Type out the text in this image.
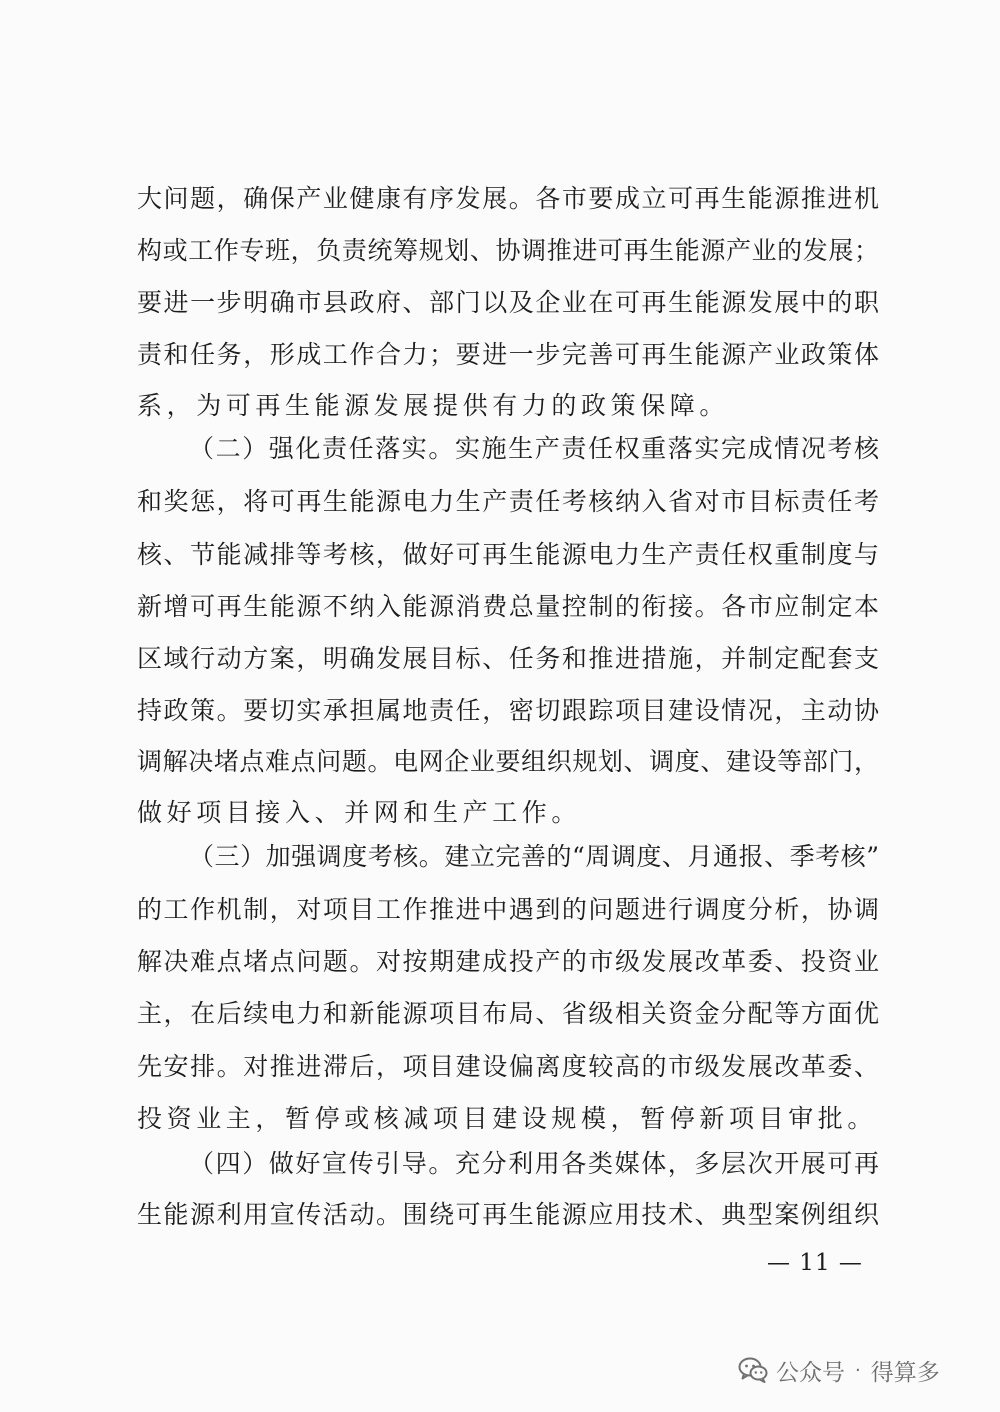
大问题，确保产业健康有序发展。各市要成立可再生能源推进机
构或工作专班，负责统筹规划、协调推进可再生能源产业的发展；
要进一步明确市县政府、部门以及企业在可再生能源发展中的职
责和任务，形成工作合力；要进一步完善可再生能源产业政策体
系，为可再生能源发展提供有力的政策保障。
（二）强化责任落实。实施生产责任权重落实完成情况考核
和奖惩，将可再生能源电力生产责任考核纳入省对市目标责任考
核、节能减排等考核，做好可再生能源电力生产责任权重制度与
新增可再生能源不纳入能源消费总量控制的衔接。各市应制定本
区域行动方案，明确发展目标、任务和推进措施，并制定配套支
持政策。要切实承担属地责任，密切跟踪项目建设情况，主动协
调解决堵点难点问题。电网企业要组织规划、调度、建设等部门，
做好项目接入、并网和生产工作。
（三）加强调度考核。建立完善的“周调度、月通报、季考核”
的工作机制，对项目工作推进中遇到的问题进行调度分析，协调
解决难点堵点问题。对按期建成投产的市级发展改革委、投资业
主，在后续电力和新能源项目布局、省级相关资金分配等方面优
先安排。对推进滞后，项目建设偏离度较高的市级发展改革委、
投资业主，暂停或核减项目建设规模，暂停新项目审批。
（四）做好宣传引导。充分利用各类媒体，多层次开展可再
生能源利用宣传活动。围绕可再生能源应用技术、典型案例组织
— 11 —
公众号 · 得算多
